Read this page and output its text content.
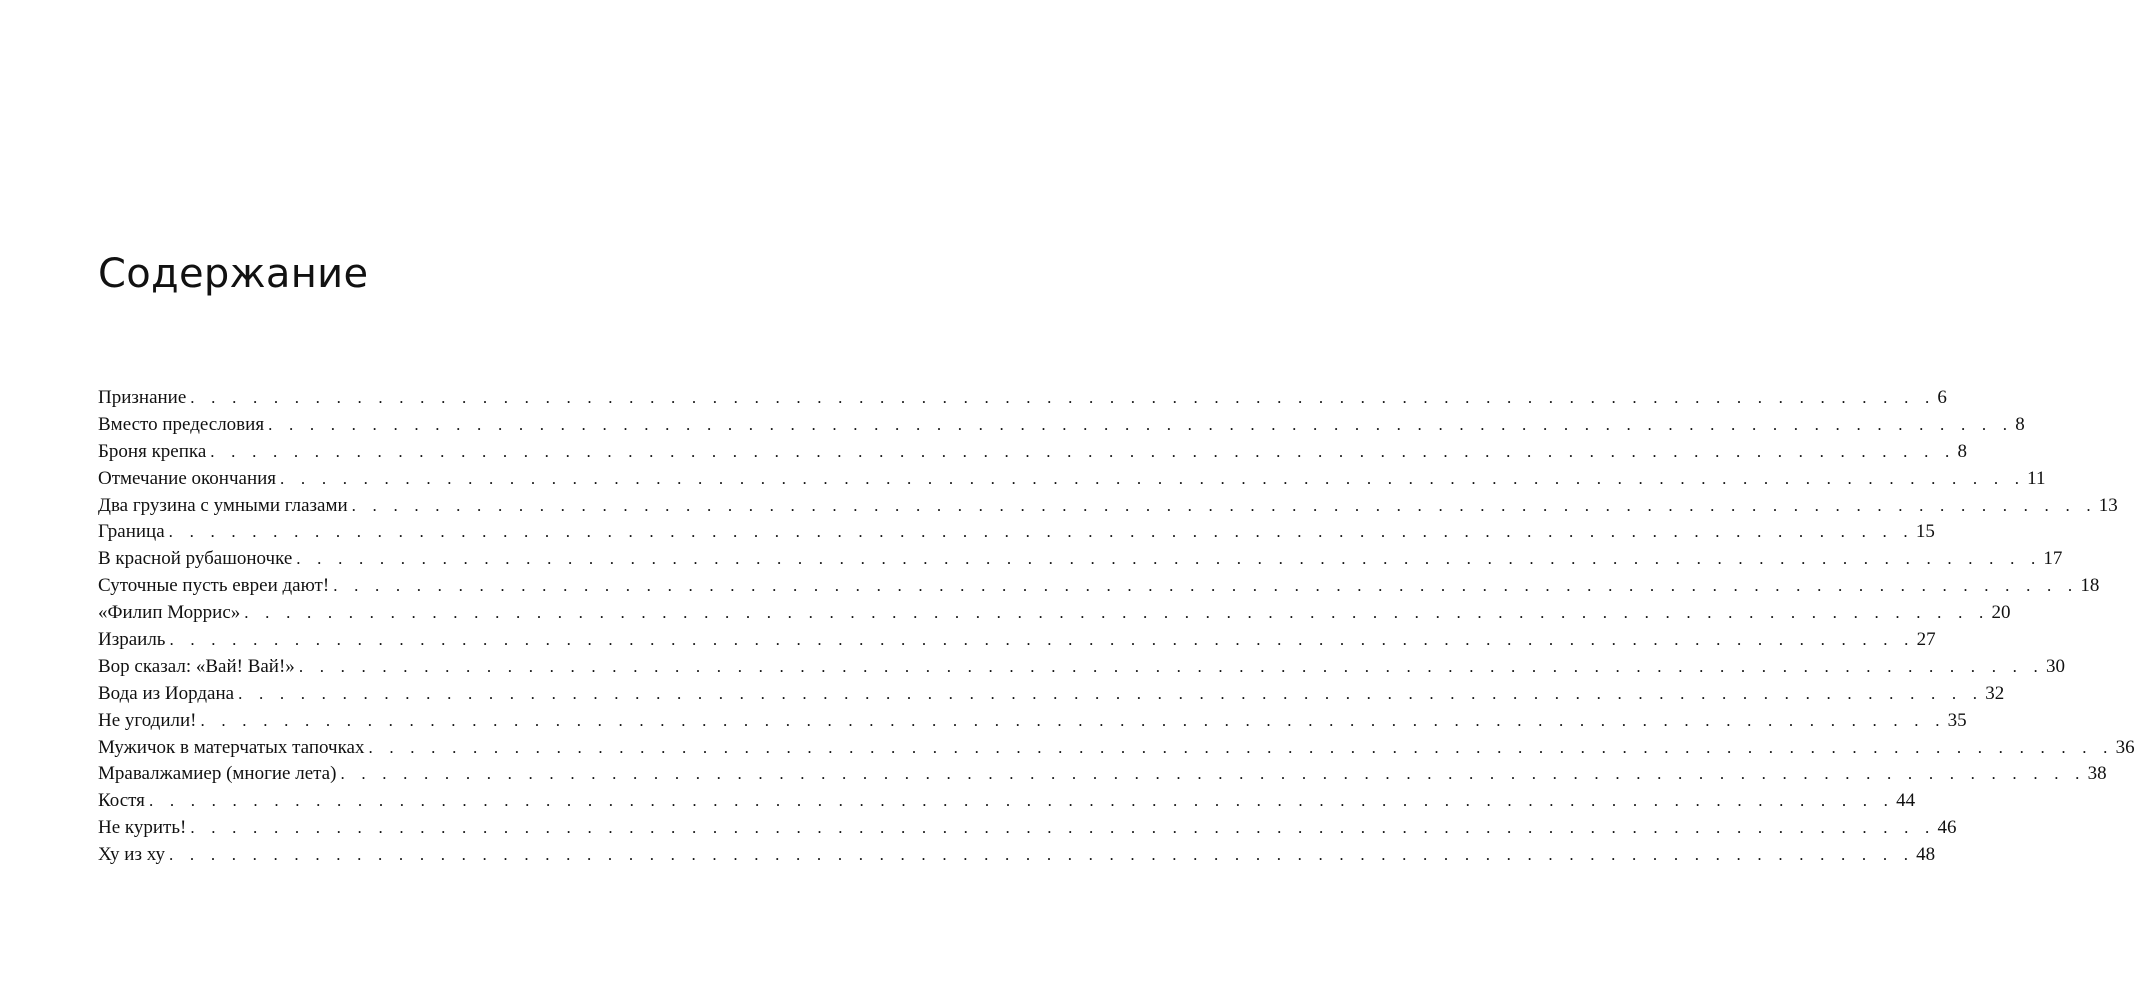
Содержание
Признание . . . . . . . . . . . . . . . . . . . . . . . . . . . . . . . . . . . . . . . . . . . . . . . . . . . . . . . . . . . . . . . . . . . . . . . . . . . . . . . . . . . . 6
Вместо предесловия . . . . . . . . . . . . . . . . . . . . . . . . . . . . . . . . . . . . . . . . . . . . . . . . . . . . . . . . . . . . . . . . . . . . . . . . . . . . . . . . . . . . 8
Броня крепка . . . . . . . . . . . . . . . . . . . . . . . . . . . . . . . . . . . . . . . . . . . . . . . . . . . . . . . . . . . . . . . . . . . . . . . . . . . . . . . . . . . . 8
Отмечание окончания . . . . . . . . . . . . . . . . . . . . . . . . . . . . . . . . . . . . . . . . . . . . . . . . . . . . . . . . . . . . . . . . . . . . . . . . . . . . . . . . . . . . 11
Два грузина с умными глазами . . . . . . . . . . . . . . . . . . . . . . . . . . . . . . . . . . . . . . . . . . . . . . . . . . . . . . . . . . . . . . . . . . . . . . . . . . . . . . . . . . . . 13
Граница . . . . . . . . . . . . . . . . . . . . . . . . . . . . . . . . . . . . . . . . . . . . . . . . . . . . . . . . . . . . . . . . . . . . . . . . . . . . . . . . . . . . 15
В красной рубашоночке . . . . . . . . . . . . . . . . . . . . . . . . . . . . . . . . . . . . . . . . . . . . . . . . . . . . . . . . . . . . . . . . . . . . . . . . . . . . . . . . . . . . 17
Суточные пусть евреи дают! . . . . . . . . . . . . . . . . . . . . . . . . . . . . . . . . . . . . . . . . . . . . . . . . . . . . . . . . . . . . . . . . . . . . . . . . . . . . . . . . . . . . 18
«Филип Моррис» . . . . . . . . . . . . . . . . . . . . . . . . . . . . . . . . . . . . . . . . . . . . . . . . . . . . . . . . . . . . . . . . . . . . . . . . . . . . . . . . . . . . 20
Израиль . . . . . . . . . . . . . . . . . . . . . . . . . . . . . . . . . . . . . . . . . . . . . . . . . . . . . . . . . . . . . . . . . . . . . . . . . . . . . . . . . . . . 27
Вор сказал: «Вай! Вай!» . . . . . . . . . . . . . . . . . . . . . . . . . . . . . . . . . . . . . . . . . . . . . . . . . . . . . . . . . . . . . . . . . . . . . . . . . . . . . . . . . . . . 30
Вода из Иордана . . . . . . . . . . . . . . . . . . . . . . . . . . . . . . . . . . . . . . . . . . . . . . . . . . . . . . . . . . . . . . . . . . . . . . . . . . . . . . . . . . . . 32
Не угодили! . . . . . . . . . . . . . . . . . . . . . . . . . . . . . . . . . . . . . . . . . . . . . . . . . . . . . . . . . . . . . . . . . . . . . . . . . . . . . . . . . . . . 35
Мужичок в матерчатых тапочках . . . . . . . . . . . . . . . . . . . . . . . . . . . . . . . . . . . . . . . . . . . . . . . . . . . . . . . . . . . . . . . . . . . . . . . . . . . . . . . . . . . . 36
Мравалжамиер (многие лета) . . . . . . . . . . . . . . . . . . . . . . . . . . . . . . . . . . . . . . . . . . . . . . . . . . . . . . . . . . . . . . . . . . . . . . . . . . . . . . . . . . . . 38
Костя . . . . . . . . . . . . . . . . . . . . . . . . . . . . . . . . . . . . . . . . . . . . . . . . . . . . . . . . . . . . . . . . . . . . . . . . . . . . . . . . . . . . 44
Не курить! . . . . . . . . . . . . . . . . . . . . . . . . . . . . . . . . . . . . . . . . . . . . . . . . . . . . . . . . . . . . . . . . . . . . . . . . . . . . . . . . . . . . 46
Ху из ху . . . . . . . . . . . . . . . . . . . . . . . . . . . . . . . . . . . . . . . . . . . . . . . . . . . . . . . . . . . . . . . . . . . . . . . . . . . . . . . . . . . . 48
